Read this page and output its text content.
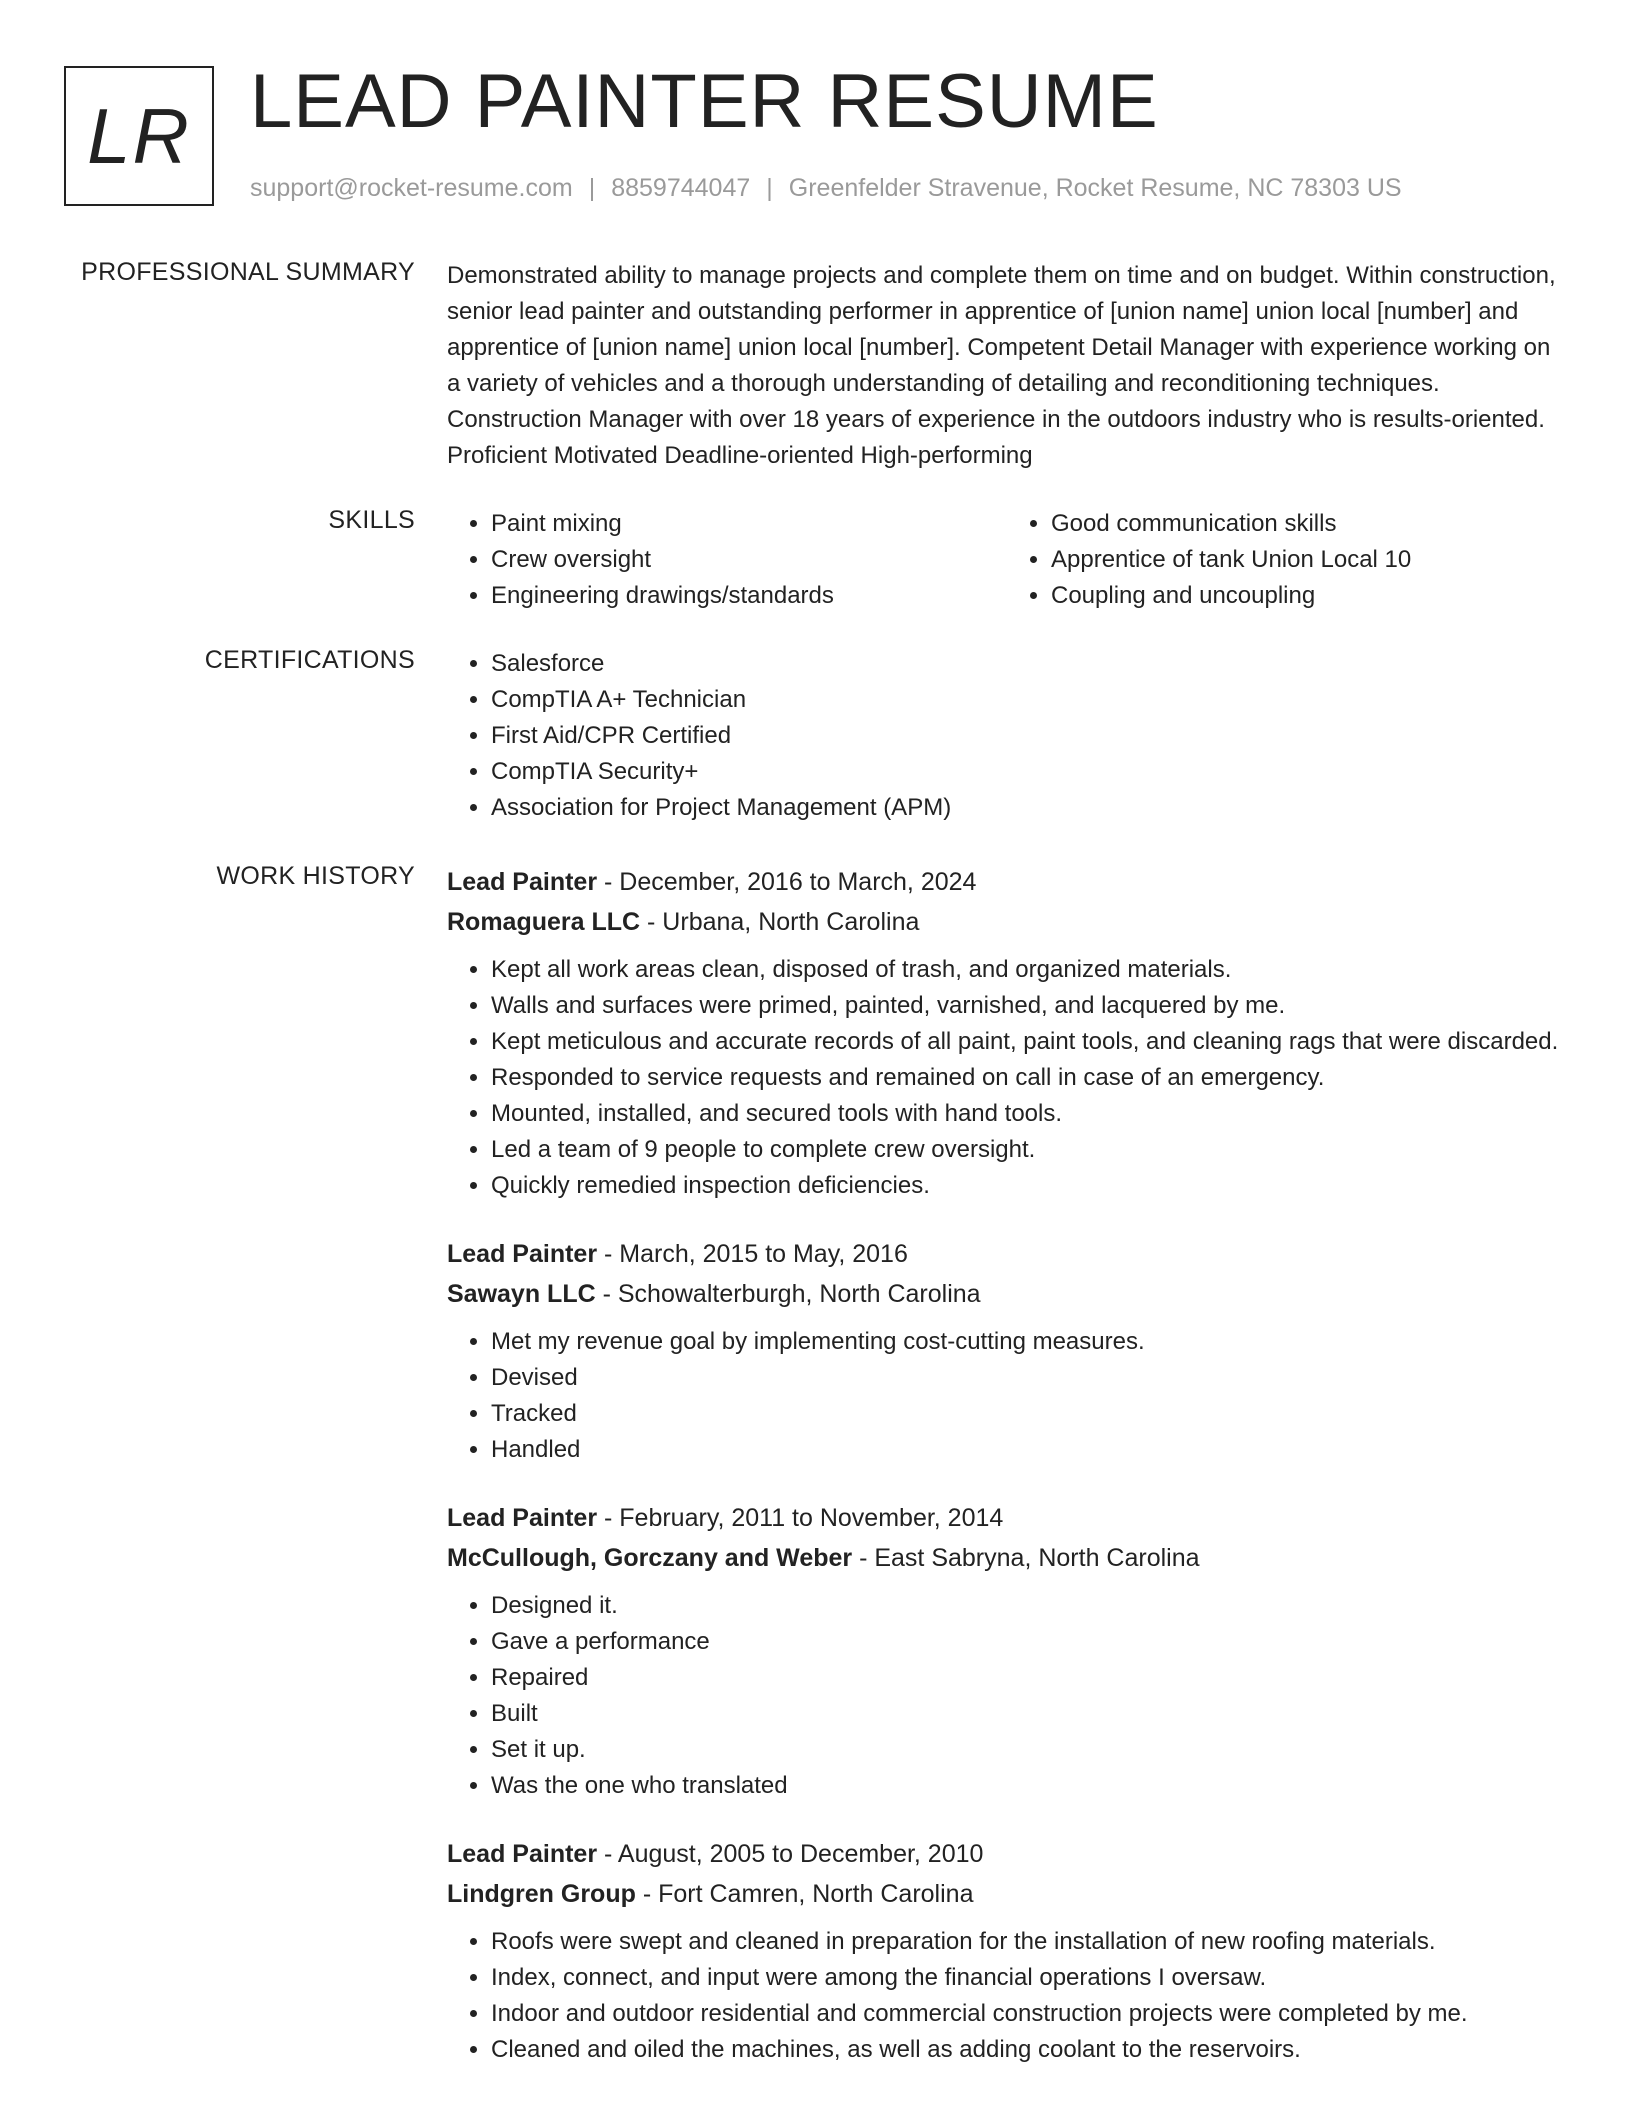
LR LEAD PAINTER RESUME
support@rocket-resume.com | 8859744047 | Greenfelder Stravenue, Rocket Resume, NC 78303 US
PROFESSIONAL SUMMARY Demonstrated ability to manage projects and complete them on time and on budget. Within construction, senior lead painter and outstanding performer in apprentice of [union name] union local [number] and apprentice of [union name] union local [number]. Competent Detail Manager with experience working on a variety of vehicles and a thorough understanding of detailing and reconditioning techniques. Construction Manager with over 18 years of experience in the outdoors industry who is results-oriented. Proficient Motivated Deadline-oriented High-performing

SKILLS	• Paint mixing
• Crew oversight
• Engineering drawings/standards
• Good communication skills
• Apprentice of tank Union Local 10
• Coupling and uncoupling
CERTIFICATIONS	• Salesforce
• CompTIA A+ Technician
• First Aid/CPR Certified
• CompTIA Security+
• Association for Project Management (APM)
WORK HISTORY Lead Painter - December, 2016 to March, 2024
Romaguera LLC - Urbana, North Carolina
• Kept all work areas clean, disposed of trash, and organized materials.
• Walls and surfaces were primed, painted, varnished, and lacquered by me.
• Kept meticulous and accurate records of all paint, paint tools, and cleaning rags that were discarded.
• Responded to service requests and remained on call in case of an emergency.
• Mounted, installed, and secured tools with hand tools.
• Led a team of 9 people to complete crew oversight.
• Quickly remedied inspection deficiencies.
Lead Painter - March, 2015 to May, 2016
Sawayn LLC - Schowalterburgh, North Carolina
• Met my revenue goal by implementing cost-cutting measures.
• Devised
• Tracked
• Handled
Lead Painter - February, 2011 to November, 2014
McCullough, Gorczany and Weber - East Sabryna, North Carolina
• Designed it.
• Gave a performance
• Repaired
• Built
• Set it up.
• Was the one who translated
Lead Painter - August, 2005 to December, 2010
Lindgren Group - Fort Camren, North Carolina
• Roofs were swept and cleaned in preparation for the installation of new roofing materials.
• Index, connect, and input were among the financial operations I oversaw.
• Indoor and outdoor residential and commercial construction projects were completed by me.
• Cleaned and oiled the machines, as well as adding coolant to the reservoirs.
